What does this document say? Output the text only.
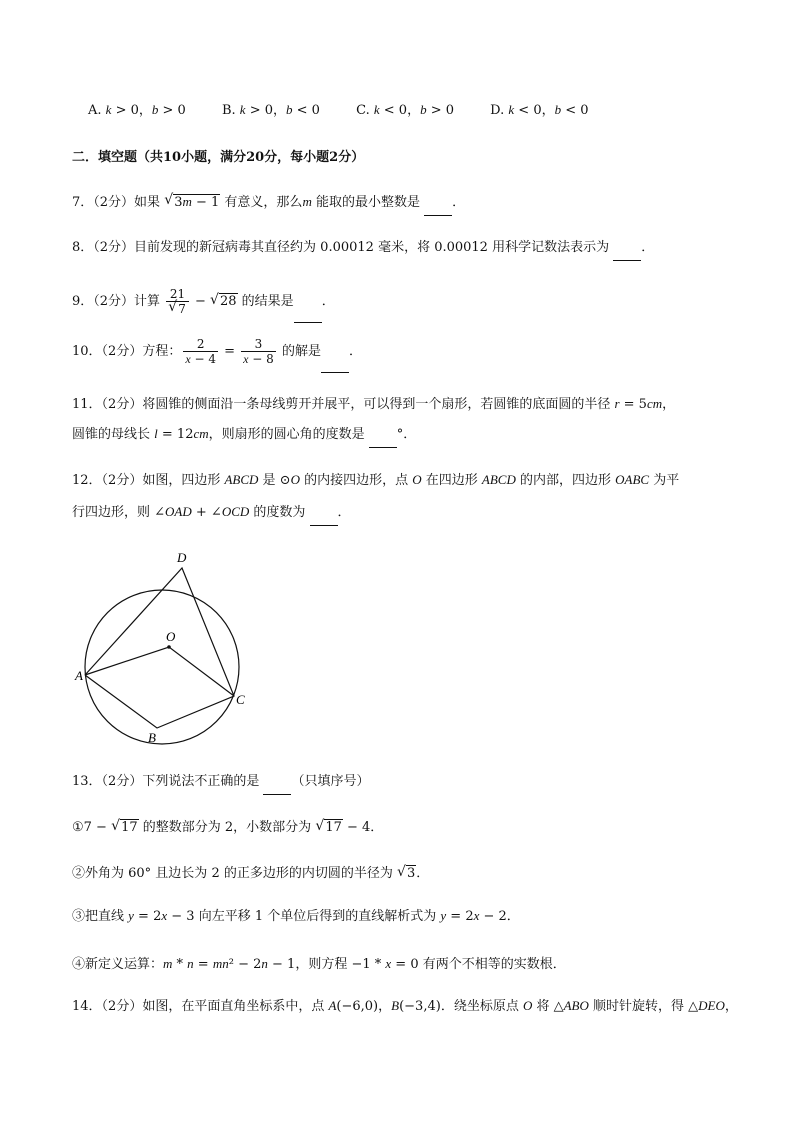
A. k > 0，b > 0	B. k > 0，b < 0	C. k < 0，b > 0	D. k < 0，b < 0
二．填空题（共10小题，满分20分，每小题2分）
7．（2分）如果 √ 3m − 1 有意义，那么m 能取的最小整数是  ．
8．（2分）目前发现的新冠病毒其直径约为 0.00012 毫米，将 0.00012 用科学记数法表示为  ．
9．（2分）计算 $\frac{21}{√ 7}$ − √ 28 的结果是 ．
10．（2分）方程： $\frac{2}{x - 4} = \frac{3}{x - 8}$ 的解是 ．
11．（2分）将圆锥的侧面沿一条母线剪开并展平，可以得到一个扇形，若圆锥的底面圆的半径 r = 5cm，
圆锥的母线长 l = 12cm，则扇形的圆心角的度数是  °．
12．（2分）如图，四边形 ABCD 是 ⊙O 的内接四边形，点 O 在四边形 ABCD 的内部，四边形 OABC 为平
行四边形，则 ∠OAD + ∠OCD 的度数为  ．
D
O
A
C
B
13．（2分）下列说法不正确的是  （只填序号）
①7 − √ 17 的整数部分为 2，小数部分为 √ 17 − 4．
②外角为 60° 且边长为 2 的正多边形的内切圆的半径为 √ 3．
③把直线 y = 2x − 3 向左平移 1 个单位后得到的直线解析式为 y = 2x − 2．
④新定义运算：m * n = mn² − 2n − 1，则方程 −1 * x = 0 有两个不相等的实数根．
14．（2分）如图，在平面直角坐标系中，点 A(−6,0)，B(−3,4)．绕坐标原点 O 将 △ABO 顺时针旋转，得 △DEO，
